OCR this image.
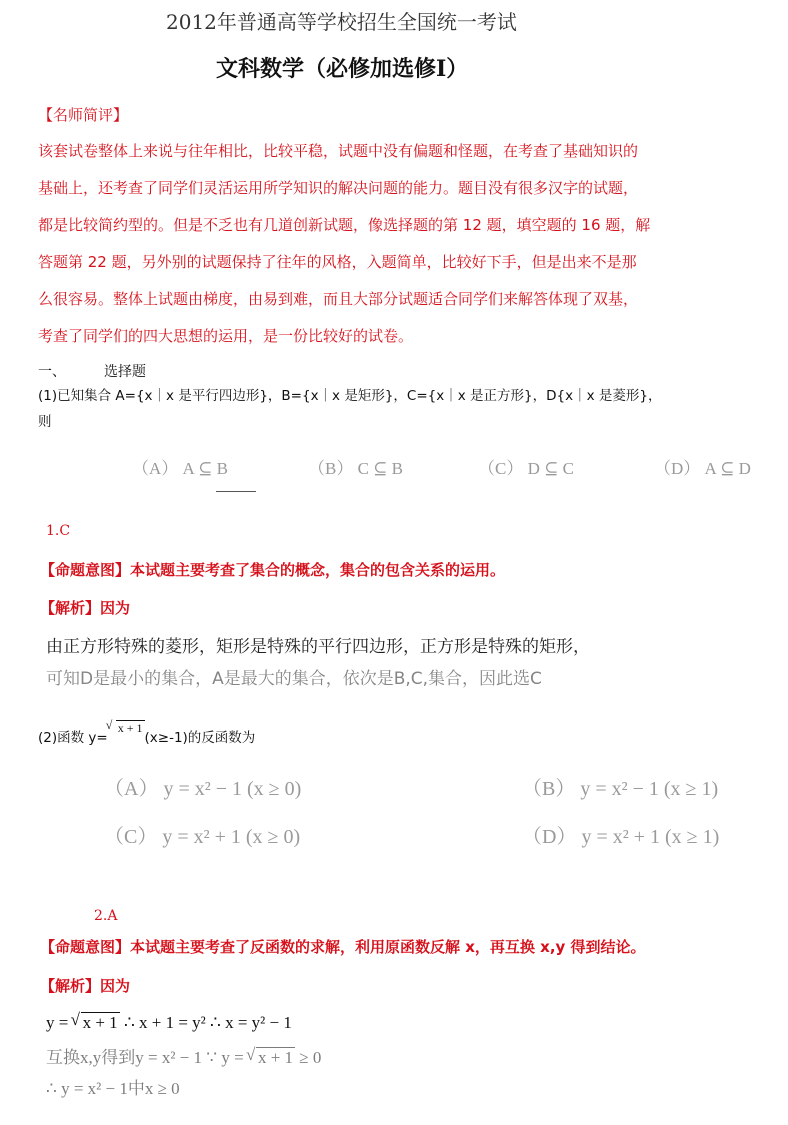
2012年普通高等学校招生全国统一考试
文科数学（必修加选修Ⅰ）
【名师简评】
该套试卷整体上来说与往年相比，比较平稳，试题中没有偏题和怪题，在考查了基础知识的
基础上，还考查了同学们灵活运用所学知识的解决问题的能力。题目没有很多汉字的试题，
都是比较简约型的。但是不乏也有几道创新试题，像选择题的第 12 题，填空题的 16 题，解
答题第 22 题，另外别的试题保持了往年的风格，入题简单，比较好下手，但是出来不是那
么很容易。整体上试题由梯度，由易到难，而且大部分试题适合同学们来解答体现了双基，
考查了同学们的四大思想的运用，是一份比较好的试卷。
一、	选择题
(1)已知集合 A={x｜x 是平行四边形}，B={x｜x 是矩形}，C={x｜x 是正方形}，D{x｜x 是菱形}，
则
（A） A ⊆ B	（B） C ⊆ B	（C） D ⊆ C	（D） A ⊆ D
1.C
【命题意图】本试题主要考查了集合的概念，集合的包含关系的运用。
【解析】因为
由正方形特殊的菱形，矩形是特殊的平行四边形，正方形是特殊的矩形，
可知D是最小的集合，A是最大的集合，依次是B,C,集合，因此选C
(2)函数 y=√ x + 1(x≥-1)的反函数为
（A） y = x² − 1 (x ≥ 0)	（B） y = x² − 1 (x ≥ 1)
（C） y = x² + 1 (x ≥ 0)	（D） y = x² + 1 (x ≥ 1)
2.A
【命题意图】本试题主要考查了反函数的求解，利用原函数反解 x，再互换 x,y 得到结论。
【解析】因为
y = √ x + 1 ∴ x + 1 = y² ∴ x = y² − 1
互换x,y得到y = x² − 1 ∵ y = √ x + 1 ≥ 0
∴ y = x² − 1中x ≥ 0
